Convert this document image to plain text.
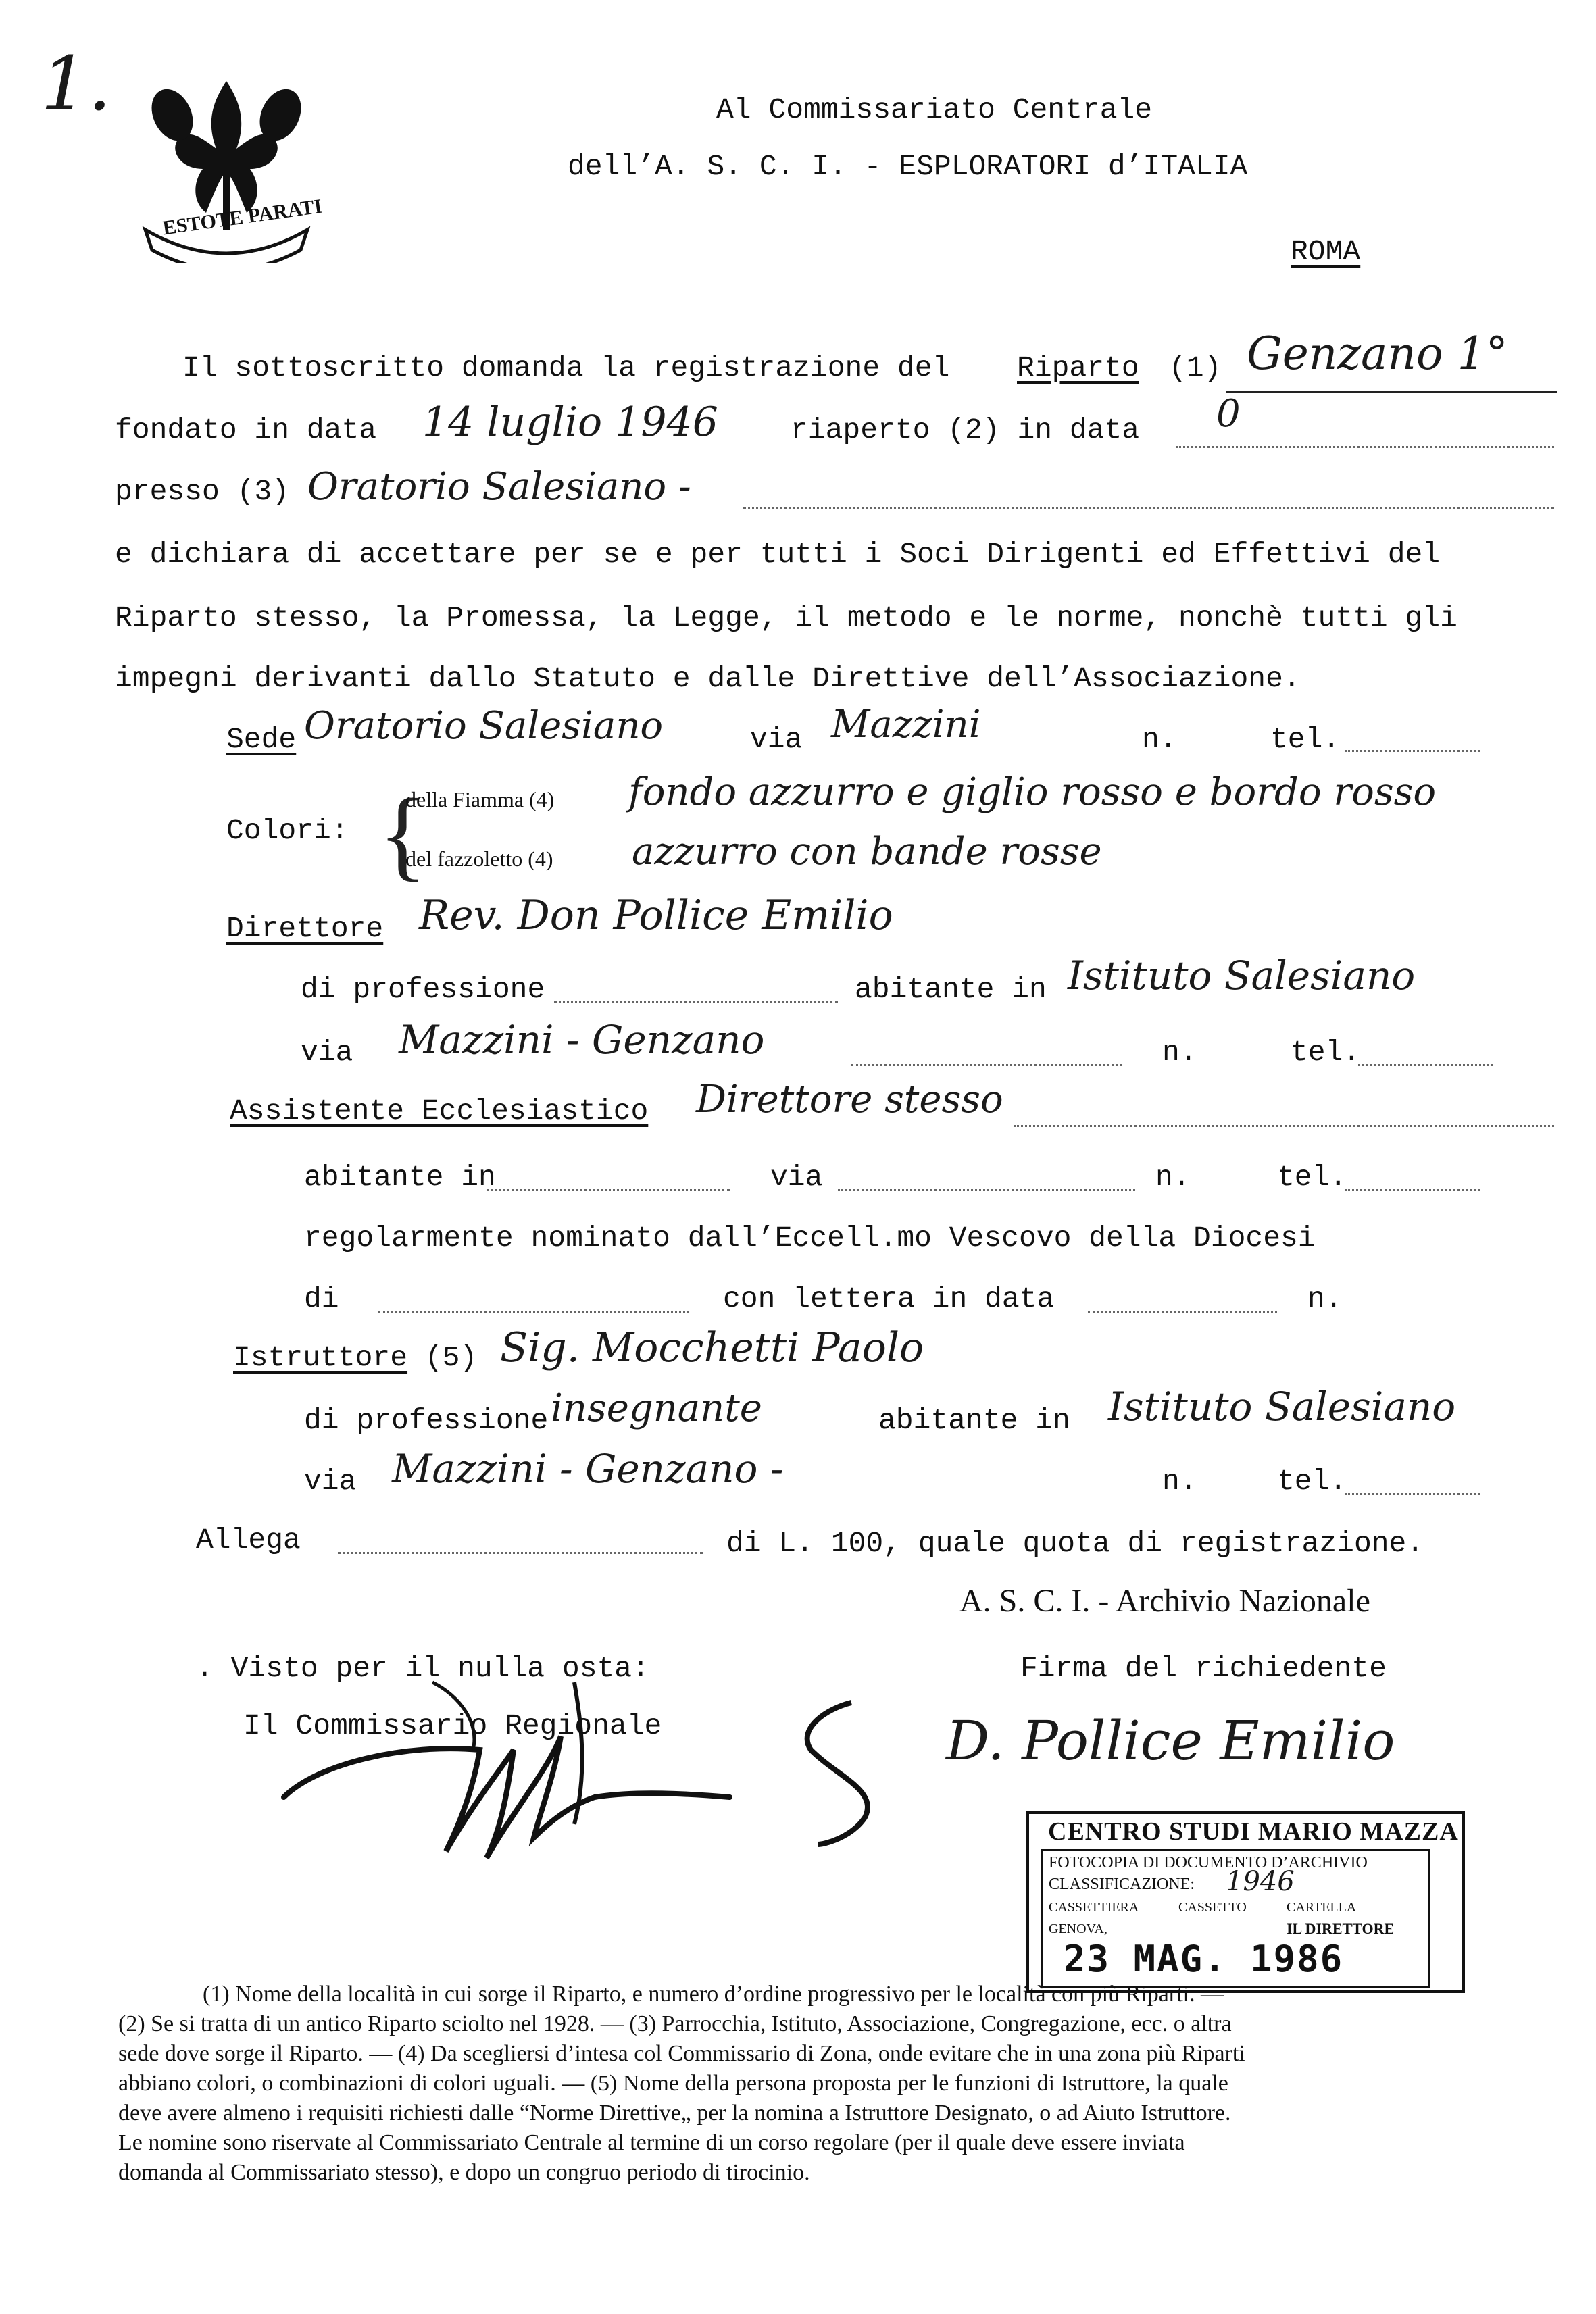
1.
ESTOTE PARATI
Al Commissariato Centrale
dell’A. S. C. I. - ESPLORATORI d’ITALIA
ROMA
Il sottoscritto domanda la registrazione del Riparto (1) Genzano 1°
fondato in data 14 luglio 1946 riaperto (2) in data 0
presso (3) Oratorio Salesiano -
e dichiara di accettare per se e per tutti i Soci Dirigenti ed Effettivi del
Riparto stesso, la Promessa, la Legge, il metodo e le norme, nonchè tutti gli
impegni derivanti dallo Statuto e dalle Direttive dell’Associazione.
Sede Oratorio Salesiano	via Mazzini	n.	tel.
Colori: {
della Fiamma (4) fondo azzurro e giglio rosso e bordo rosso
del fazzoletto (4) azzurro con bande rosse
Direttore Rev. Don Pollice Emilio
di professione	abitante in Istituto Salesiano
via Mazzini - Genzano	n.	tel.
Assistente Ecclesiastico Direttore stesso
abitante in	via	n.	tel.
regolarmente nominato dall’Eccell.mo Vescovo della Diocesi
di	con lettera in data	n.
Istruttore (5) Sig. Mocchetti Paolo
di professione insegnante	abitante in Istituto Salesiano
via Mazzini - Genzano -	n.	tel.
Allega	di L. 100, quale quota di registrazione.
A. S. C. I. - Archivio Nazionale
. Visto per il nulla osta:
Il Commissario Regionale
Firma del richiedente
D. Pollice Emilio
CENTRO STUDI MARIO MAZZA
FOTOCOPIA DI DOCUMENTO D’ARCHIVIO
CLASSIFICAZIONE: 1946
CASSETTIERA	CASSETTO	CARTELLA
GENOVA,	IL DIRETTORE
23 MAG. 1986
(1) Nome della località in cui sorge il Riparto, e numero d’ordine progressivo per le località con più Riparti. —
(2) Se si tratta di un antico Riparto sciolto nel 1928. — (3) Parrocchia, Istituto, Associazione, Congregazione, ecc. o altra
sede dove sorge il Riparto. — (4) Da scegliersi d’intesa col Commissario di Zona, onde evitare che in una zona più Riparti
abbiano colori, o combinazioni di colori uguali. — (5) Nome della persona proposta per le funzioni di Istruttore, la quale
deve avere almeno i requisiti richiesti dalle “Norme Direttive„ per la nomina a Istruttore Designato, o ad Aiuto Istruttore.
Le nomine sono riservate al Commissariato Centrale al termine di un corso regolare (per il quale deve essere inviata
domanda al Commissariato stesso), e dopo un congruo periodo di tirocinio.
